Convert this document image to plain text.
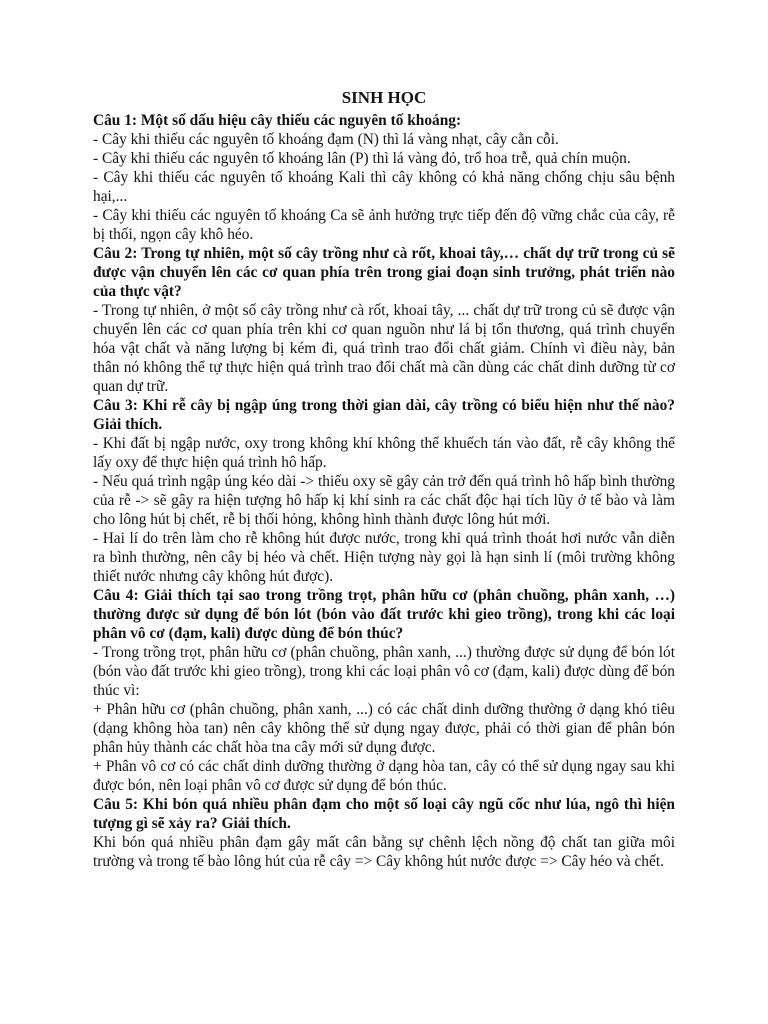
SINH HỌC

Câu 1: Một số dấu hiệu cây thiếu các nguyên tố khoáng:

- Cây khi thiếu các nguyên tố khoáng đạm (N) thì lá vàng nhạt, cây cằn cỗi.

- Cây khi thiếu các nguyên tố khoáng lân (P) thì lá vàng đỏ, trổ hoa trễ, quả chín muộn.

- Cây khi thiếu các nguyên tố khoáng Kali thì cây không có khả năng chống chịu sâu bệnh hại,...

- Cây khi thiếu các nguyên tố khoáng Ca sẽ ảnh hưởng trực tiếp đến độ vững chắc của cây, rễ bị thối, ngọn cây khô héo.

Câu 2: Trong tự nhiên, một số cây trồng như cà rốt, khoai tây,… chất dự trữ trong củ sẽ được vận chuyển lên các cơ quan phía trên trong giai đoạn sinh trưởng, phát triển nào của thực vật?

- Trong tự nhiên, ở một số cây trồng như cà rốt, khoai tây, ... chất dự trữ trong củ sẽ được vận chuyển lên các cơ quan phía trên khi cơ quan nguồn như lá bị tổn thương, quá trình chuyển hóa vật chất và năng lượng bị kém đi, quá trình trao đổi chất giảm. Chính vì điều này, bản thân nó không thể tự thực hiện quá trình trao đổi chất mà cần dùng các chất dinh dưỡng từ cơ quan dự trữ.

Câu 3: Khi rễ cây bị ngập úng trong thời gian dài, cây trồng có biểu hiện như thế nào? Giải thích.

- Khi đất bị ngập nước, oxy trong không khí không thể khuếch tán vào đất, rễ cây không thể lấy oxy để thực hiện quá trình hô hấp.

- Nếu quá trình ngập úng kéo dài -> thiếu oxy sẽ gây cản trở đến quá trình hô hấp bình thường của rễ -> sẽ gây ra hiện tượng hô hấp kị khí sinh ra các chất độc hại tích lũy ở tế bào và làm cho lông hút bị chết, rễ bị thối hỏng, không hình thành được lông hút mới.

- Hai lí do trên làm cho rễ không hút được nước, trong khi quá trình thoát hơi nước vẫn diễn ra bình thường, nên cây bị héo và chết. Hiện tượng này gọi là hạn sinh lí (môi trường không thiết nước nhưng cây không hút được).

Câu 4: Giải thích tại sao trong trồng trọt, phân hữu cơ (phân chuồng, phân xanh, …) thường được sử dụng để bón lót (bón vào đất trước khi gieo trồng), trong khi các loại phân vô cơ (đạm, kali) được dùng để bón thúc?

- Trong trồng trọt, phân hữu cơ (phân chuồng, phân xanh, ...) thường được sử dụng để bón lót (bón vào đất trước khi gieo trồng), trong khi các loại phân vô cơ (đạm, kali) được dùng để bón thúc vì:

+ Phân hữu cơ (phân chuồng, phân xanh, ...) có các chất dinh dưỡng thường ở dạng khó tiêu (dạng không hòa tan) nên cây không thể sử dụng ngay được, phải có thời gian để phân bón phân hủy thành các chất hòa tna cây mới sử dụng được.

+ Phân vô cơ có các chất dinh dưỡng thường ở dạng hòa tan, cây có thể sử dụng ngay sau khi được bón, nên loại phân vô cơ được sử dụng để bón thúc.

Câu 5: Khi bón quá nhiều phân đạm cho một số loại cây ngũ cốc như lúa, ngô thì hiện tượng gì sẽ xảy ra? Giải thích.

Khi bón quá nhiều phân đạm gây mất cân bằng sự chênh lệch nồng độ chất tan giữa môi trường và trong tế bào lông hút của rễ cây => Cây không hút nước được => Cây héo và chết.
